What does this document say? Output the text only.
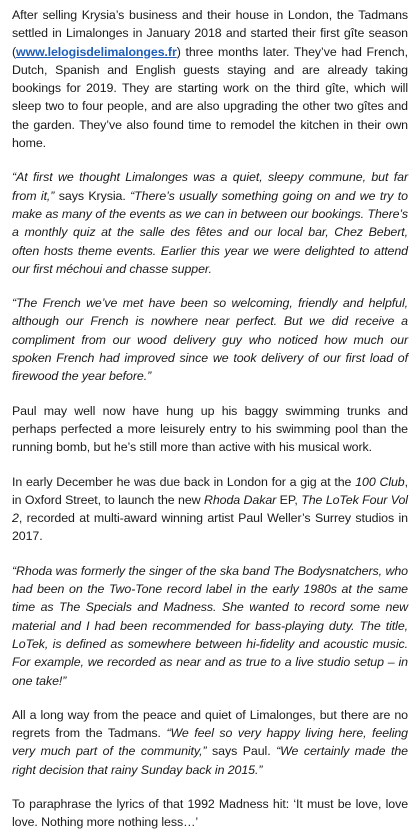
After selling Krysia’s business and their house in London, the Tadmans settled in Limalonges in January 2018 and started their first gîte season (www.lelogisdelimalonges.fr) three months later. They’ve had French, Dutch, Spanish and English guests staying and are already taking bookings for 2019. They are starting work on the third gîte, which will sleep two to four people, and are also upgrading the other two gîtes and the garden. They’ve also found time to remodel the kitchen in their own home.

“At first we thought Limalonges was a quiet, sleepy commune, but far from it,” says Krysia. “There’s usually something going on and we try to make as many of the events as we can in between our bookings. There’s a monthly quiz at the salle des fêtes and our local bar, Chez Bebert, often hosts theme events. Earlier this year we were delighted to attend our first méchoui and chasse supper.

“The French we’ve met have been so welcoming, friendly and helpful, although our French is nowhere near perfect. But we did receive a compliment from our wood delivery guy who noticed how much our spoken French had improved since we took delivery of our first load of firewood the year before.”

Paul may well now have hung up his baggy swimming trunks and perhaps perfected a more leisurely entry to his swimming pool than the running bomb, but he’s still more than active with his musical work.

In early December he was due back in London for a gig at the 100 Club, in Oxford Street, to launch the new Rhoda Dakar EP, The LoTek Four Vol 2, recorded at multi-award winning artist Paul Weller’s Surrey studios in 2017.

“Rhoda was formerly the singer of the ska band The Bodysnatchers, who had been on the Two-Tone record label in the early 1980s at the same time as The Specials and Madness. She wanted to record some new material and I had been recommended for bass-playing duty. The title, LoTek, is defined as somewhere between hi-fidelity and acoustic music. For example, we recorded as near and as true to a live studio setup – in one take!”

All a long way from the peace and quiet of Limalonges, but there are no regrets from the Tadmans. “We feel so very happy living here, feeling very much part of the community,” says Paul. “We certainly made the right decision that rainy Sunday back in 2015.”

To paraphrase the lyrics of that 1992 Madness hit: ‘It must be love, love love. Nothing more nothing less…’
